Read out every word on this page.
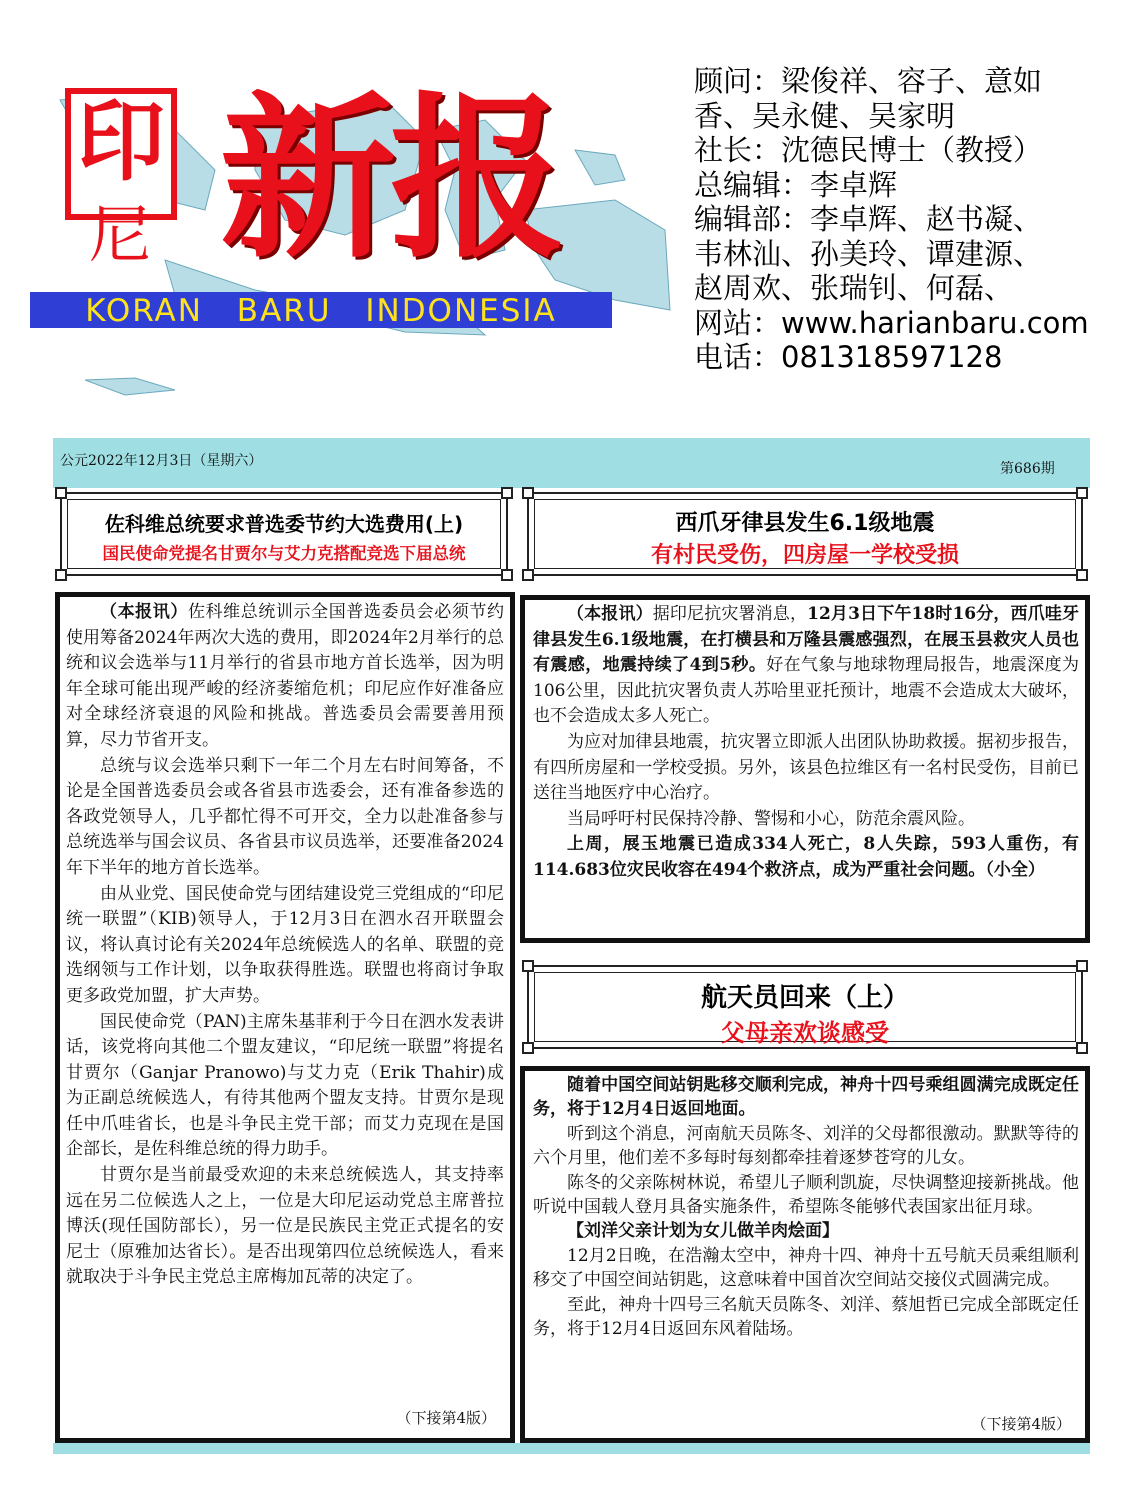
印
尼 新报
KORAN BARU INDONESIA
顾问：梁俊祥、容子、意如
香、吴永健、吴家明
社长：沈德民博士（教授）
总编辑：李卓辉
编辑部：李卓辉、赵书凝、
韦林汕、孙美玲、谭建源、
赵周欢、张瑞钊、何磊、
网站：www.harianbaru.com
电话：081318597128
公元2022年12月3日（星期六）	第686期
佐科维总统要求普选委节约大选费用(上)
国民使命党提名甘贾尔与艾力克搭配竞选下届总统

（本报讯）佐科维总统训示全国普选委员会必须节约使用筹备2024年两次大选的费用，即2024年2月举行的总统和议会选举与11月举行的省县市地方首长选举，因为明年全球可能出现严峻的经济萎缩危机；印尼应作好准备应对全球经济衰退的风险和挑战。普选委员会需要善用预算，尽力节省开支。

总统与议会选举只剩下一年二个月左右时间筹备，不论是全国普选委员会或各省县市选委会，还有准备参选的各政党领导人，几乎都忙得不可开交，全力以赴准备参与总统选举与国会议员、各省县市议员选举，还要准备2024年下半年的地方首长选举。

由从业党、国民使命党与团结建设党三党组成的“印尼统一联盟”（KIB)领导人，于12月3日在泗水召开联盟会议，将认真讨论有关2024年总统候选人的名单、联盟的竞选纲领与工作计划，以争取获得胜选。联盟也将商讨争取更多政党加盟，扩大声势。

国民使命党（PAN)主席朱基菲利于今日在泗水发表讲话，该党将向其他二个盟友建议，“印尼统一联盟”将提名甘贾尔（Ganjar Pranowo)与艾力克（Erik Thahir)成为正副总统候选人，有待其他两个盟友支持。甘贾尔是现任中爪哇省长，也是斗争民主党干部；而艾力克现在是国企部长，是佐科维总统的得力助手。

甘贾尔是当前最受欢迎的未来总统候选人，其支持率远在另二位候选人之上，一位是大印尼运动党总主席普拉博沃(现任国防部长），另一位是民族民主党正式提名的安尼士（原雅加达省长）。是否出现第四位总统候选人，看来就取决于斗争民主党总主席梅加瓦蒂的决定了。

（下接第4版）
西爪牙律县发生6.1级地震
有村民受伤，四房屋一学校受损

（本报讯）据印尼抗灾署消息，12月3日下午18时16分，西爪哇牙律县发生6.1级地震，在打横县和万隆县震感强烈，在展玉县救灾人员也有震感，地震持续了4到5秒。好在气象与地球物理局报告，地震深度为106公里，因此抗灾署负责人苏哈里亚托预计，地震不会造成太大破坏，也不会造成太多人死亡。

为应对加律县地震，抗灾署立即派人出团队协助救援。据初步报告，有四所房屋和一学校受损。另外，该县色拉维区有一名村民受伤，目前已送往当地医疗中心治疗。

当局呼吁村民保持冷静、警惕和小心，防范余震风险。

上周，展玉地震已造成334人死亡，8人失踪，593人重伤，有114.683位灾民收容在494个救济点，成为严重社会问题。（小全）

航天员回来（上）
父母亲欢谈感受

随着中国空间站钥匙移交顺利完成，神舟十四号乘组圆满完成既定任务，将于12月4日返回地面。

听到这个消息，河南航天员陈冬、刘洋的父母都很激动。默默等待的六个月里，他们差不多每时每刻都牵挂着逐梦苍穹的儿女。

陈冬的父亲陈树林说，希望儿子顺利凯旋，尽快调整迎接新挑战。他听说中国载人登月具备实施条件，希望陈冬能够代表国家出征月球。

【刘洋父亲计划为女儿做羊肉烩面】

12月2日晚，在浩瀚太空中，神舟十四、神舟十五号航天员乘组顺利移交了中国空间站钥匙，这意味着中国首次空间站交接仪式圆满完成。

至此，神舟十四号三名航天员陈冬、刘洋、蔡旭哲已完成全部既定任务，将于12月4日返回东风着陆场。

（下接第4版）
